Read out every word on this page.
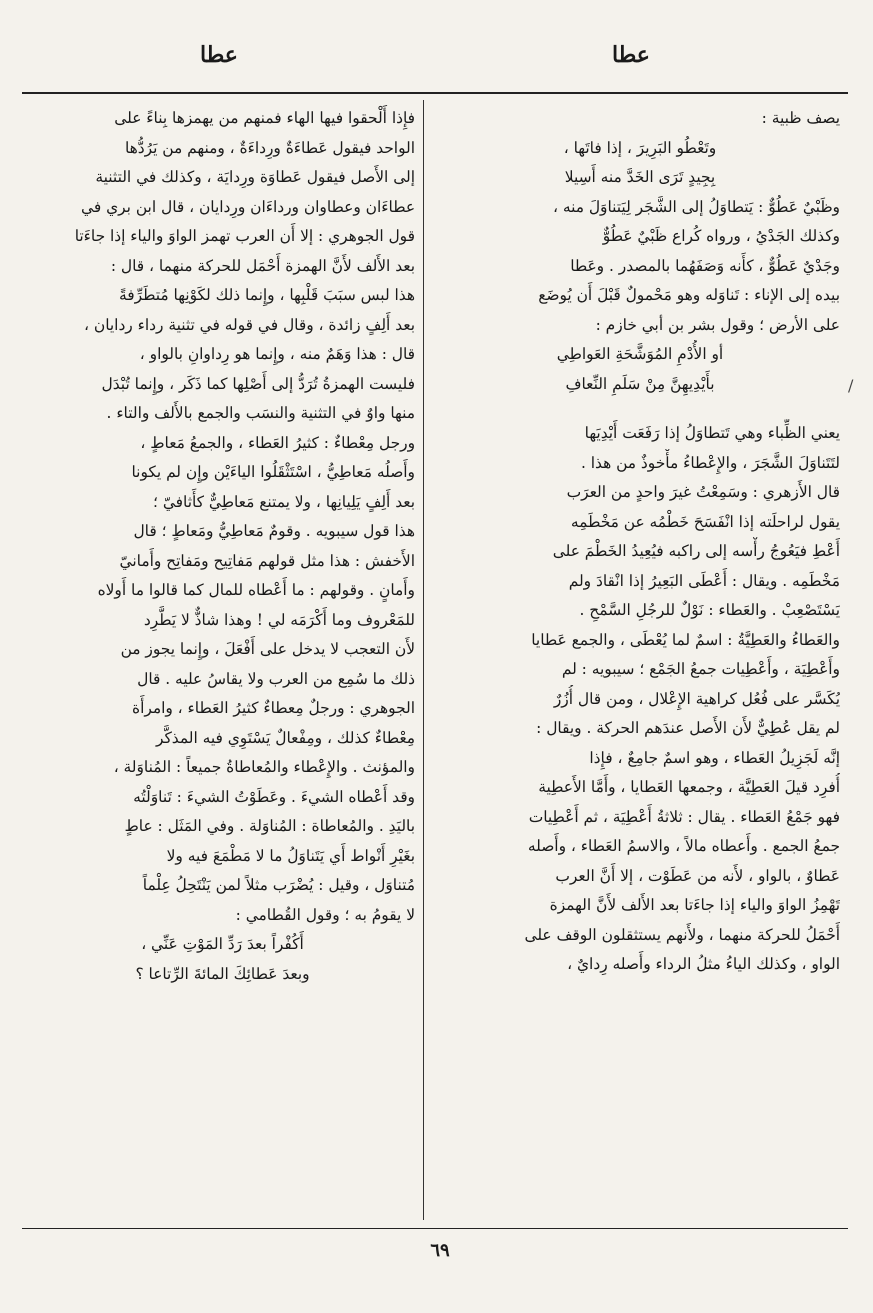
عطا
عطا
يصف ظبية :
وتَعْطُو البَرِيرَ ، إذا فاتَها ،
بِجِيدٍ تَرَى الخَدَّ منه أَسِيلا
وظَبْيٌ عَطُوٌّ : يَتطاوَلُ إلى الشَّجَر لِيَتناوَلَ منه ،
وكذلك الجَدْيُ ، ورواه كُراع ظَبْيٌ عَطُوٌّ
وجَدْيٌ عَطُوٌّ ، كأَنه وَصَفَهُما بالمصدر . وعَطا
بيده إلى الإناء : تَناوَله وهو مَحْمولٌ قَبْلَ أَن يُوضَع
على الأرض ؛ وقول بشر بن أبي خازم :
أو الأُدْمِ المُوَشَّحَةِ العَواطِي
بأَيْدِيهِنَّ مِنْ سَلَمِ النِّعافِ
يعني الظِّباء وهي تَتطاوَلُ إذا رَفَعَت أَيْدِيَها
لتَتَناوَلَ الشَّجَرَ ، والإِعْطاءُ مأْخوذٌ من هذا .
قال الأَزهري : وسَمِعْتُ غيرَ واحدٍ من العرَب
يقول لراحلَته إذا انْفَسَحَ خَطْمُه عن مَخْطَمِه
أَعْطِ فيَعُوجُ رأْسه إلى راكبه فيُعِيدُ الخَطْمَ على
مَخْطَمِه . ويقال : أَعْطَى البَعِيرُ إذا انْقادَ ولم
يَسْتَصْعِبْ . والعَطاء : نَوْلٌ للرجُلِ السَّمْحِ .
والعَطاءُ والعَطِيَّةُ : اسمٌ لما يُعْطَى ، والجمع عَطايا
وأَعْطِيَة ، وأَعْطِيات جمعُ الجَمْع ؛ سيبويه : لم
يُكَسَّر على فُعُل كراهية الإِعْلال ، ومن قال أُزُرٌ
لم يقل عُطِيٌّ لأَن الأَصل عندَهم الحركة . ويقال :
إنَّه لَجَزِيلُ العَطاء ، وهو اسمٌ جامِعٌ ، فإِذا
أُفرِد قيلَ العَطِيَّة ، وجمعها العَطايا ، وأَمَّا الأَعطِية
فهو جَمْعُ العَطاء . يقال : ثلاثةُ أَعْطِيَة ، ثم أَعْطِيات
جمعُ الجمع . وأَعطاه مالاً ، والاسمُ العَطاء ، وأَصله
عَطاوٌ ، بالواو ، لأَنه من عَطَوْت ، إلا أَنَّ العرب
تَهْمِزُ الواوَ والياء إذا جاءَتا بعد الأَلف لأَنَّ الهمزة
أَحْمَلُ للحركة منهما ، ولأَنهم يستثقلون الوقف على
الواو ، وكذلك الياءُ مثلُ الرداء وأَصله رِدايٌ ،
فإِذا أَلْحقوا فيها الهاء فمنهم من يهمزها بِناءً على
الواحد فيقول عَطاءَةٌ ورِداءَةٌ ، ومنهم من يَرُدُّها
إلى الأَصل فيقول عَطاوَة ورِدايَة ، وكذلك في التثنية
عطاءَان وعطاوان ورداءَان ورِدايان ، قال ابن بري في
قول الجوهري : إلا أَن العرب تهمز الواوَ والياء إذا جاءَتا
بعد الأَلف لأَنَّ الهمزة أَحْمَل للحركة منهما ، قال :
هذا لبس سبَبَ قَلْبِها ، وإِنما ذلك لكَوْنِها مُتطَرِّفةً
بعد أَلِفٍ زائدة ، وقال في قوله في تثنية رداء ردايان ،
قال : هذا وَهَمٌ منه ، وإِنما هو رِداوانِ بالواو ،
فليست الهمزةُ تُرَدُّ إلى أَصْلِها كما ذَكَر ، وإِنما تُبْدَل
منها واوٌ في التثنية والنسَب والجمع بالأَلف والتاء .
ورجل مِعْطاءٌ : كثيرُ العَطاء ، والجمعُ مَعاطٍ ،
وأَصلُه مَعاطِيُّ ، اسْتَثْقَلُوا الياءَيْن وإِن لم يكونا
بعد أَلِفٍ يَلِيانِها ، ولا يمتنع مَعاطِيٌّ كأَثافيّ ؛
هذا قول سيبويه . وقومٌ مَعاطِيُّ ومَعاطٍ ؛ قال
الأَخفش : هذا مثل قولهم مَفاتِيح ومَفاتِح وأَمانيّ
وأَمانٍ . وقولهم : ما أَعْطاه للمال كما قالوا ما أَولاه
للمَعْروف وما أَكْرَمَه لي ! وهذا شاذٌّ لا يَطَّرِد
لأَن التعجب لا يدخل على أَفْعَلَ ، وإِنما يجوز من
ذلك ما سُمِع من العرب ولا يقاسُ عليه . قال
الجوهري : ورجلٌ مِعطاءٌ كثيرُ العَطاء ، وامرأَة
مِعْطاءٌ كذلك ، ومِفْعالٌ يَسْتَوِي فيه المذكَّر
والمؤنث . والإِعْطاء والمُعاطاةُ جميعاً : المُناوَلة ،
وقد أَعْطاه الشيءَ . وعَطَوْتُ الشيءَ : تَناوَلْتُه
باليَدِ . والمُعاطاة : المُناوَلة . وفي المَثَل : عاطٍ
بغَيْرِ أَنْواط أَي يَتَناوَلُ ما لا مَطْمَعَ فيه ولا
مُتناوَل ، وقيل : يُضْرَب مثلاً لمن يَنْتَحِلُ عِلْماً
لا يقومُ به ؛ وقول القُطامي :
أَكُفْراً بعدَ رَدِّ المَوْتِ عَنِّي ،
وبعدَ عَطائِكَ المائةَ الرِّتاعا ؟
/
٦٩
